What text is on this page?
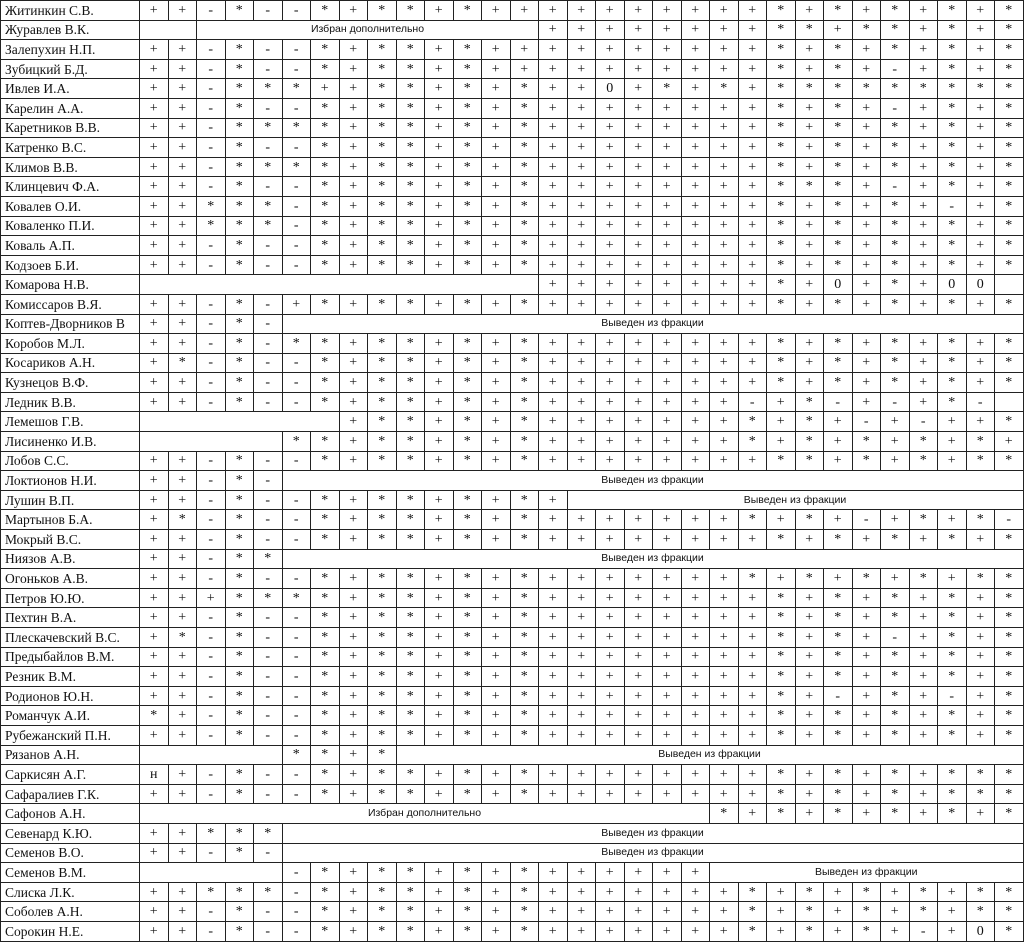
Житинкин С.В.	+	+	-	*	-	-	*	+	*	*	+	*	+	+	+	+	+	+	+	+	+	+	*	+	*	+	*	+	*	+	*	
Журавлев В.К.			Избран дополнительно												+	+	+	+	+	+	+	+	*	*	+	*	*	+	*	+	*	
Залепухин Н.П.	+	+	-	*	-	-	*	+	*	*	+	*	+	+	+	+	+	+	+	+	+	+	*	+	*	+	*	+	*	+	*	
Зубицкий Б.Д.	+	+	-	*	-	-	*	+	*	*	+	*	+	+	+	+	+	+	+	+	+	+	*	+	*	+	-	+	*	+	*	
Ивлев И.А.	+	+	-	*	*	*	+	+	*	*	+	*	+	*	+	+	0	+	*	+	*	+	*	*	*	*	*	*	*	*	*	
Карелин А.А.	+	+	-	*	-	-	*	+	*	*	+	*	+	*	+	+	+	+	+	+	+	+	*	+	*	+	-	+	*	+	*	
Каретников В.В.	+	+	-	*	*	*	*	+	*	*	+	*	+	*	+	+	+	+	+	+	+	+	*	+	*	+	*	+	*	+	*	
Катренко В.С.	+	+	-	*	-	-	*	+	*	*	+	*	+	*	+	+	+	+	+	+	+	+	*	+	*	+	*	+	*	+	*	
Климов В.В.	+	+	-	*	*	*	*	+	*	*	+	*	+	*	+	+	+	+	+	+	+	+	*	+	*	+	*	+	*	+	*	
Клинцевич Ф.А.	+	+	-	*	-	-	*	+	*	*	+	*	+	*	+	+	+	+	+	+	+	+	*	*	*	+	-	+	*	+	*	
Ковалев О.И.	+	+	*	*	*	-	*	+	*	*	+	*	+	*	+	+	+	+	+	+	+	+	*	+	*	+	*	+	-	+	*	
Коваленко П.И.	+	+	*	*	*	-	*	+	*	*	+	*	+	*	+	+	+	+	+	+	+	+	*	+	*	+	*	+	*	+	*	
Коваль А.П.	+	+	-	*	-	-	*	+	*	*	+	*	+	*	+	+	+	+	+	+	+	+	*	+	*	+	*	+	*	+	*	
Кодзоев Б.И.	+	+	-	*	-	-	*	+	*	*	+	*	+	*	+	+	+	+	+	+	+	+	*	+	*	+	*	+	*	+	*	
Комарова Н.В.															+	+	+	+	+	+	+	+	*	+	0	+	*	+	0	0		
Комиссаров В.Я.	+	+	-	*	-	+	*	+	*	*	+	*	+	*	+	+	+	+	+	+	+	+	*	+	*	+	*	+	*	+	*	
Коптев-Дворников В	+	+	-	*	-	Выведен из фракции																										
Коробов М.Л.	+	+	-	*	-	*	*	+	*	*	+	*	+	*	+	+	+	+	+	+	+	+	*	+	*	+	*	+	*	+	*	
Косариков А.Н.	+	*	-	*	-	-	*	+	*	*	+	*	+	*	+	+	+	+	+	+	+	+	*	+	*	+	*	+	*	+	*	
Кузнецов В.Ф.	+	+	-	*	-	-	*	+	*	*	+	*	+	*	+	+	+	+	+	+	+	+	*	+	*	+	*	+	*	+	*	
Ледник В.В.	+	+	-	*	-	-	*	+	*	*	+	*	+	*	+	+	+	+	+	+	+	-	+	*	-	+	-	+	*	-		
Лемешов Г.В.								+	*	*	+	*	+	*	+	+	+	+	+	+	+	*	+	*	+	-	+	-	+	+	*	
Лисиненко И.В.						*	*	+	*	*	+	*	+	*	+	+	+	+	+	+	+	*	+	*	+	*	+	*	+	*	+	
Лобов С.С.	+	+	-	*	-	-	*	+	*	*	+	*	+	*	+	+	+	+	+	+	+	+	*	*	+	*	+	*	+	*	*	
Локтионов Н.И.	+	+	-	*	-	Выведен из фракции																										
Лушин В.П.	+	+	-	*	-	-	*	+	*	*	+	*	+	*	+	Выведен из фракции																
Мартынов Б.А.	+	*	-	*	-	-	*	+	*	*	+	*	+	*	+	+	+	+	+	+	+	*	+	*	+	-	+	*	+	*	-	
Мокрый В.С.	+	+	-	*	-	-	*	+	*	*	+	*	+	*	+	+	+	+	+	+	+	+	*	+	*	+	*	+	*	+	*	
Ниязов А.В.	+	+	-	*	*	Выведен из фракции																										
Огоньков А.В.	+	+	-	*	-	-	*	+	*	*	+	*	+	*	+	+	+	+	+	+	+	*	+	*	+	*	+	*	+	*	*	
Петров Ю.Ю.	+	+	+	*	*	*	*	+	*	*	+	*	+	*	+	+	+	+	+	+	+	+	*	+	*	+	*	+	*	+	*	
Пехтин В.А.	+	+	-	*	-	-	*	+	*	*	+	*	+	*	+	+	+	+	+	+	+	+	*	+	*	+	*	+	*	+	*	
Плескачевский В.С.	+	*	-	*	-	-	*	+	*	*	+	*	+	*	+	+	+	+	+	+	+	+	*	+	*	+	-	+	*	+	*	
Предыбайлов В.М.	+	+	-	*	-	-	*	+	*	*	+	*	+	*	+	+	+	+	+	+	+	+	*	+	*	+	*	+	*	+	*	
Резник В.М.	+	+	-	*	-	-	*	+	*	*	+	*	+	*	+	+	+	+	+	+	+	+	*	+	*	+	*	+	*	+	*	
Родионов Ю.Н.	+	+	-	*	-	-	*	+	*	*	+	*	+	*	+	+	+	+	+	+	+	+	*	+	-	+	*	+	-	+	*	
Романчук А.И.	*	+	-	*	-	-	*	+	*	*	+	*	+	*	+	+	+	+	+	+	+	+	*	+	*	+	*	+	*	+	*	
Рубежанский П.Н.	+	+	-	*	-	-	*	+	*	*	+	*	+	*	+	+	+	+	+	+	+	+	*	+	*	+	*	+	*	+	*	
Рязанов А.Н.						*	*	+	*	Выведен из фракции																						
Саркисян А.Г.	н	+	-	*	-	-	*	+	*	*	+	*	+	*	+	+	+	+	+	+	+	+	*	+	*	+	*	+	*	*	*	
Сафаралиев Г.К.	+	+	-	*	-	-	*	+	*	*	+	*	+	*	+	+	+	+	+	+	+	+	*	+	*	+	*	+	*	*	*	
Сафонов А.Н.	Избран дополнительно																				*	+	*	+	*	+	*	+	*	+	*	
Севенард К.Ю.	+	+	*	*	*	Выведен из фракции																										
Семенов В.О.	+	+	-	*	-	Выведен из фракции																										
Семенов В.М.						-	*	+	*	*	+	*	+	*	+	+	+	+	+	+	Выведен из фракции											
Слиска Л.К.	+	+	*	*	*	-	*	+	*	*	+	*	+	*	+	+	+	+	+	+	+	*	+	*	+	*	+	*	+	*	*	
Соболев А.Н.	+	+	-	*	-	-	*	+	*	*	+	*	+	*	+	+	+	+	+	+	+	*	+	*	+	*	+	*	+	*	*	
Сорокин Н.Е.	+	+	-	*	-	-	*	+	*	*	+	*	+	*	+	+	+	+	+	+	+	*	+	*	+	*	+	-	+	0	*	
